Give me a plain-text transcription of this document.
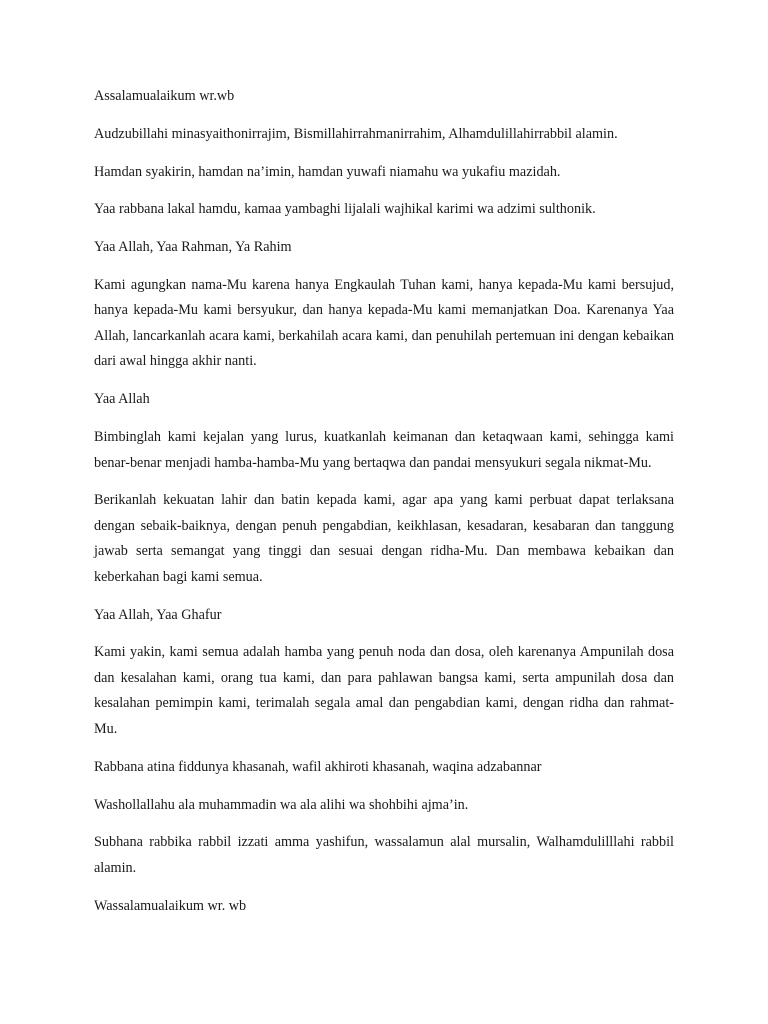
Assalamualaikum wr.wb

Audzubillahi minasyaithonirrajim, Bismillahirrahmanirrahim, Alhamdulillahirrabbil alamin.

Hamdan syakirin, hamdan na’imin, hamdan yuwafi niamahu wa yukafiu mazidah.

Yaa rabbana lakal hamdu, kamaa yambaghi lijalali wajhikal karimi wa adzimi sulthonik.

Yaa Allah, Yaa Rahman, Ya Rahim

Kami agungkan nama-Mu karena hanya Engkaulah Tuhan kami, hanya kepada-Mu kami bersujud, hanya kepada-Mu kami bersyukur, dan hanya kepada-Mu kami memanjatkan Doa. Karenanya Yaa Allah, lancarkanlah acara kami, berkahilah acara kami, dan penuhilah pertemuan ini dengan kebaikan dari awal hingga akhir nanti.

Yaa Allah

Bimbinglah kami kejalan yang lurus, kuatkanlah keimanan dan ketaqwaan kami, sehingga kami benar-benar menjadi hamba-hamba-Mu yang bertaqwa dan pandai mensyukuri segala nikmat-Mu.

Berikanlah kekuatan lahir dan batin kepada kami, agar apa yang kami perbuat dapat terlaksana dengan sebaik-baiknya, dengan penuh pengabdian, keikhlasan, kesadaran, kesabaran dan tanggung jawab serta semangat yang tinggi dan sesuai dengan ridha-Mu. Dan membawa kebaikan dan keberkahan bagi kami semua.

Yaa Allah, Yaa Ghafur

Kami yakin, kami semua adalah hamba yang penuh noda dan dosa, oleh karenanya Ampunilah dosa dan kesalahan kami, orang tua kami, dan para pahlawan bangsa kami, serta ampunilah dosa dan kesalahan pemimpin kami, terimalah segala amal dan pengabdian kami, dengan ridha dan rahmat-Mu.

Rabbana atina fiddunya khasanah, wafil akhiroti khasanah, waqina adzabannar

Washollallahu ala muhammadin wa ala alihi wa shohbihi ajma’in.

Subhana rabbika rabbil izzati amma yashifun, wassalamun alal mursalin, Walhamdulilllahi rabbil alamin.

Wassalamualaikum wr. wb
